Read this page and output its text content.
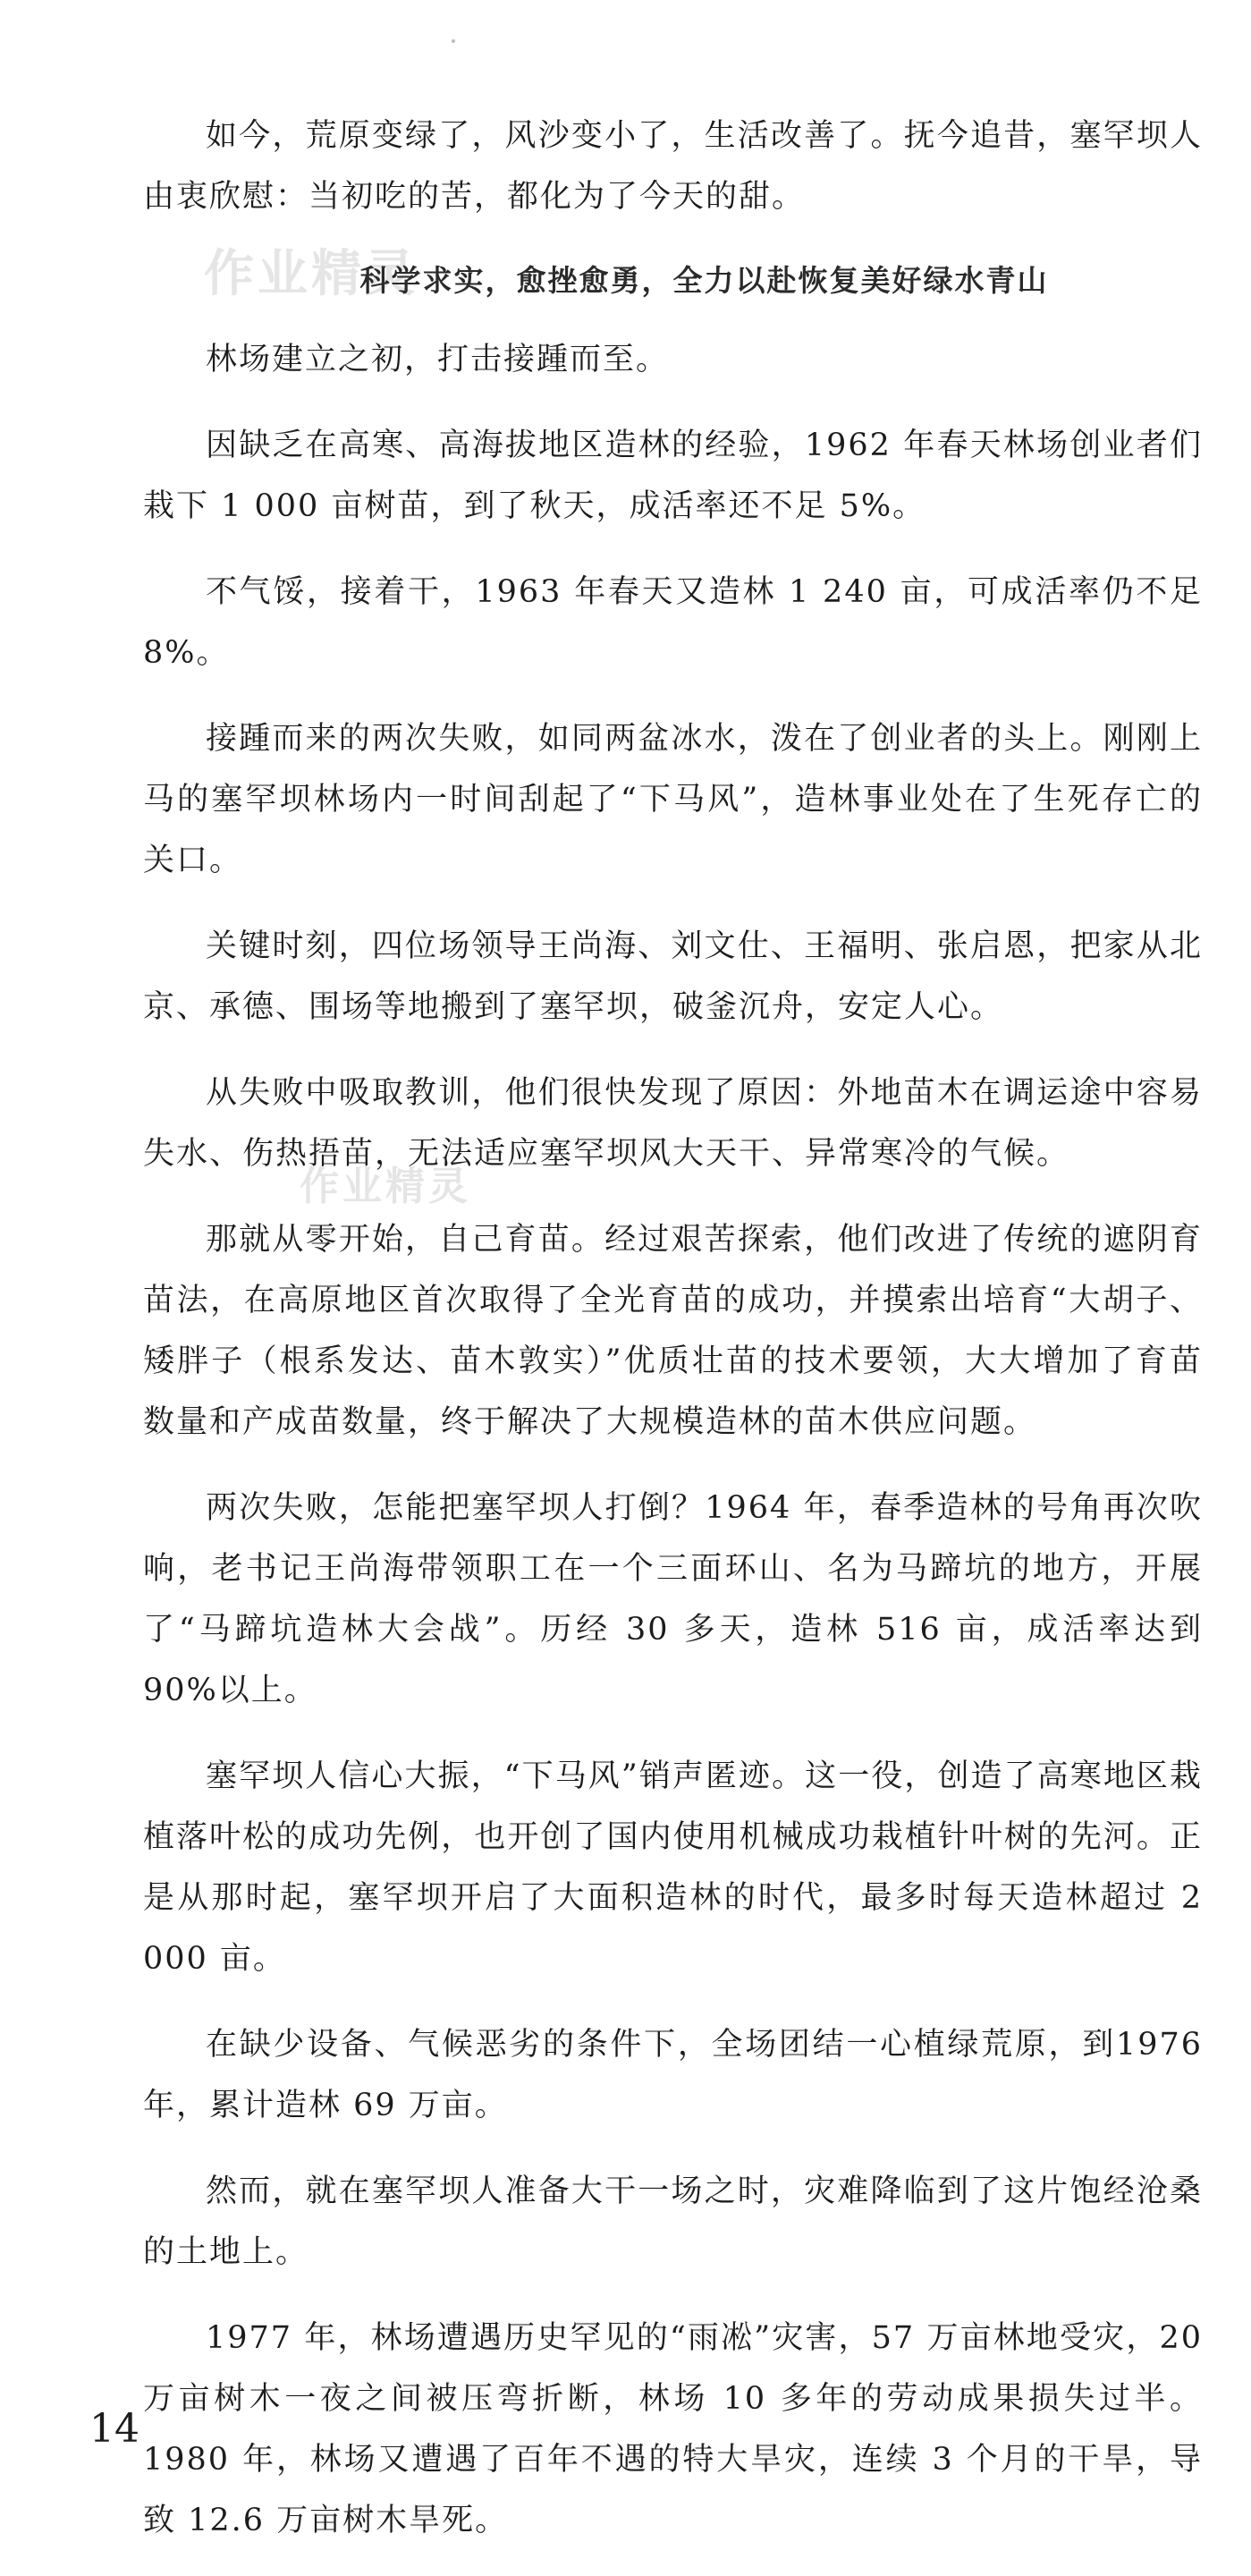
作业精灵
作业精灵

如今，荒原变绿了，风沙变小了，生活改善了。抚今追昔，塞罕坝人由衷欣慰：当初吃的苦，都化为了今天的甜。

科学求实，愈挫愈勇，全力以赴恢复美好绿水青山

林场建立之初，打击接踵而至。

因缺乏在高寒、高海拔地区造林的经验，1962 年春天林场创业者们栽下 1 000 亩树苗，到了秋天，成活率还不足 5%。

不气馁，接着干，1963 年春天又造林 1 240 亩，可成活率仍不足 8%。

接踵而来的两次失败，如同两盆冰水，泼在了创业者的头上。刚刚上马的塞罕坝林场内一时间刮起了“下马风”，造林事业处在了生死存亡的关口。

关键时刻，四位场领导王尚海、刘文仕、王福明、张启恩，把家从北京、承德、围场等地搬到了塞罕坝，破釜沉舟，安定人心。

从失败中吸取教训，他们很快发现了原因：外地苗木在调运途中容易失水、伤热捂苗，无法适应塞罕坝风大天干、异常寒冷的气候。

那就从零开始，自己育苗。经过艰苦探索，他们改进了传统的遮阴育苗法，在高原地区首次取得了全光育苗的成功，并摸索出培育“大胡子、矮胖子（根系发达、苗木敦实）”优质壮苗的技术要领，大大增加了育苗数量和产成苗数量，终于解决了大规模造林的苗木供应问题。

两次失败，怎能把塞罕坝人打倒？1964 年，春季造林的号角再次吹响，老书记王尚海带领职工在一个三面环山、名为马蹄坑的地方，开展了“马蹄坑造林大会战”。历经 30 多天，造林 516 亩，成活率达到 90%以上。

塞罕坝人信心大振，“下马风”销声匿迹。这一役，创造了高寒地区栽植落叶松的成功先例，也开创了国内使用机械成功栽植针叶树的先河。正是从那时起，塞罕坝开启了大面积造林的时代，最多时每天造林超过 2 000 亩。

在缺少设备、气候恶劣的条件下，全场团结一心植绿荒原，到1976 年，累计造林 69 万亩。

然而，就在塞罕坝人准备大干一场之时，灾难降临到了这片饱经沧桑的土地上。

1977 年，林场遭遇历史罕见的“雨凇”灾害，57 万亩林地受灾，20 万亩树木一夜之间被压弯折断，林场 10 多年的劳动成果损失过半。1980 年，林场又遭遇了百年不遇的特大旱灾，连续 3 个月的干旱，导致 12.6 万亩树木旱死。

14
